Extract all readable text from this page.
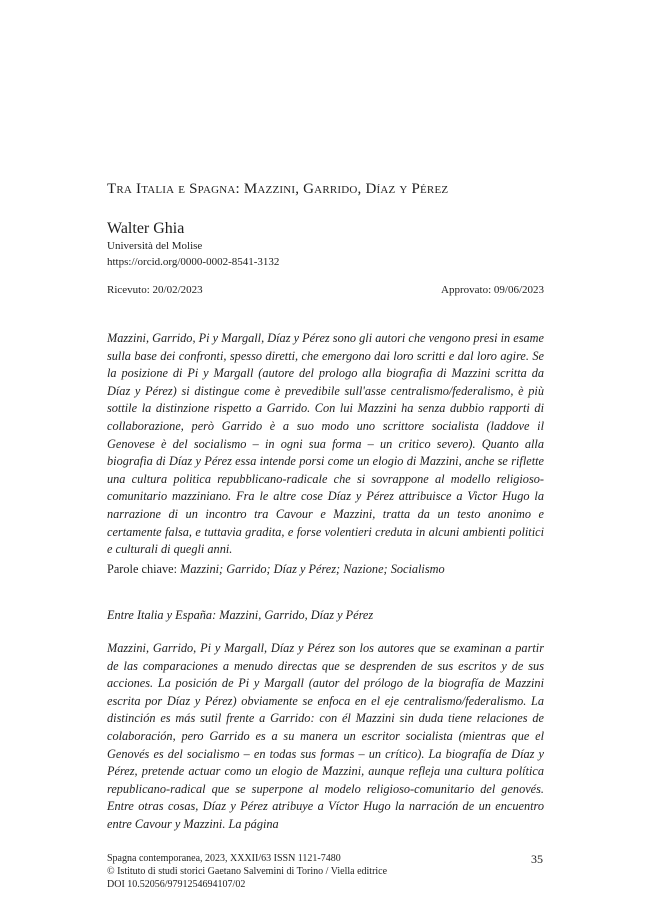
Tra Italia e Spagna: Mazzini, Garrido, Díaz y Pérez
Walter Ghia
Università del Molise
https://orcid.org/0000-0002-8541-3132
Ricevuto: 20/02/2023	Approvato: 09/06/2023

Mazzini, Garrido, Pi y Margall, Díaz y Pérez sono gli autori che vengono presi in esame sulla base dei confronti, spesso diretti, che emergono dai loro scritti e dal loro agire. Se la posizione di Pi y Margall (autore del prologo alla biografia di Mazzini scritta da Díaz y Pérez) si distingue come è prevedibile sull'asse centralismo/federalismo, è più sottile la distinzione rispetto a Garrido. Con lui Mazzini ha senza dubbio rapporti di collaborazione, però Garrido è a suo modo uno scrittore socialista (laddove il Genovese è del socialismo – in ogni sua forma – un critico severo). Quanto alla biografia di Díaz y Pérez essa intende porsi come un elogio di Mazzini, anche se riflette una cultura politica repubblicano-radicale che si sovrappone al modello religioso-comunitario mazziniano. Fra le altre cose Díaz y Pérez attribuisce a Victor Hugo la narrazione di un incontro tra Cavour e Mazzini, tratta da un testo anonimo e certamente falsa, e tuttavia gradita, e forse volentieri creduta in alcuni ambienti politici e culturali di quegli anni.

Parole chiave: Mazzini; Garrido; Díaz y Pérez; Nazione; Socialismo

Entre Italia y España: Mazzini, Garrido, Díaz y Pérez

Mazzini, Garrido, Pi y Margall, Díaz y Pérez son los autores que se examinan a partir de las comparaciones a menudo directas que se desprenden de sus escritos y de sus acciones. La posición de Pi y Margall (autor del prólogo de la biografía de Mazzini escrita por Díaz y Pérez) obviamente se enfoca en el eje centralismo/federalismo. La distinción es más sutil frente a Garrido: con él Mazzini sin duda tiene relaciones de colaboración, pero Garrido es a su manera un escritor socialista (mientras que el Genovés es del socialismo – en todas sus formas – un crítico). La biografía de Díaz y Pérez, pretende actuar como un elogio de Mazzini, aunque refleja una cultura política republicano-radical que se superpone al modelo religioso-comunitario del genovés. Entre otras cosas, Díaz y Pérez atribuye a Víctor Hugo la narración de un encuentro entre Cavour y Mazzini. La página

Spagna contemporanea, 2023, XXXII/63 ISSN 1121-7480
© Istituto di studi storici Gaetano Salvemini di Torino / Viella editrice
DOI 10.52056/9791254694107/02
35
